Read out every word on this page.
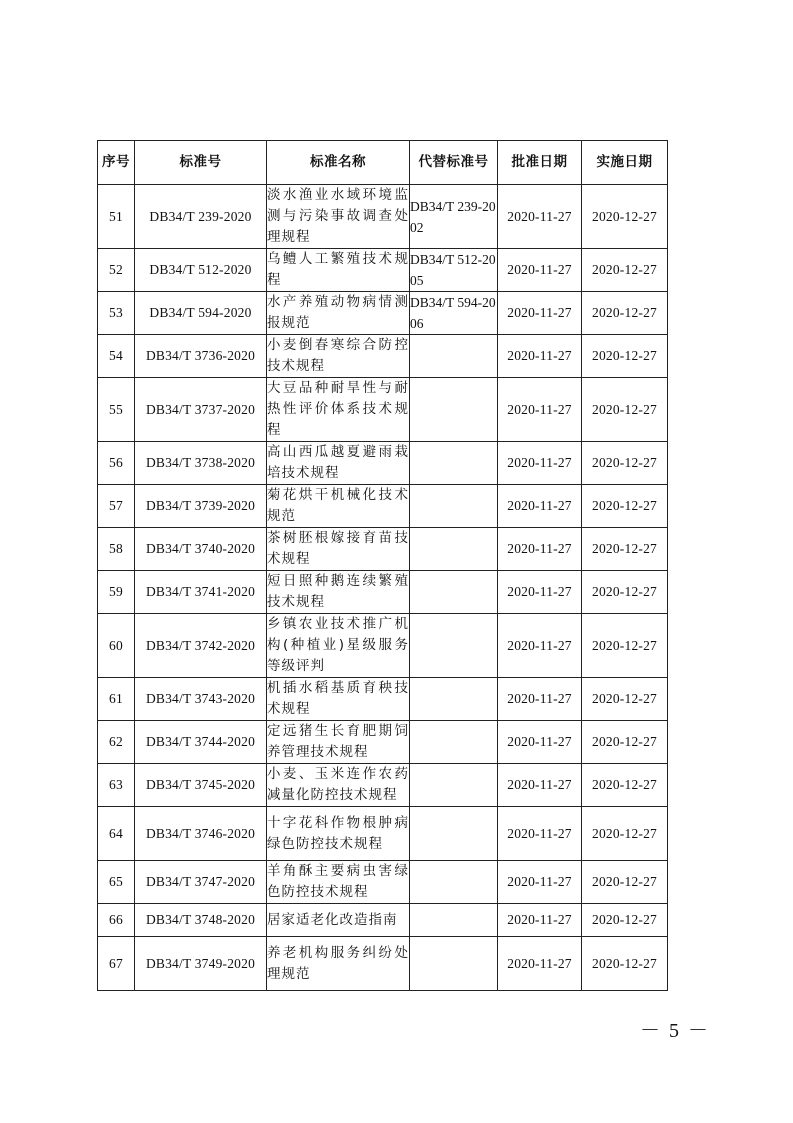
序号	标准号	标准名称	代替标准号	批准日期	实施日期
51	DB34/T 239-2020	淡水渔业水域环境监测与污染事故调查处理规程	DB34/T 239-2002	2020-11-27	2020-12-27
52	DB34/T 512-2020	乌鳢人工繁殖技术规程	DB34/T 512-2005	2020-11-27	2020-12-27
53	DB34/T 594-2020	水产养殖动物病情测报规范	DB34/T 594-2006	2020-11-27	2020-12-27
54	DB34/T 3736-2020	小麦倒春寒综合防控技术规程		2020-11-27	2020-12-27
55	DB34/T 3737-2020	大豆品种耐旱性与耐热性评价体系技术规程		2020-11-27	2020-12-27
56	DB34/T 3738-2020	高山西瓜越夏避雨栽培技术规程		2020-11-27	2020-12-27
57	DB34/T 3739-2020	菊花烘干机械化技术规范		2020-11-27	2020-12-27
58	DB34/T 3740-2020	茶树胚根嫁接育苗技术规程		2020-11-27	2020-12-27
59	DB34/T 3741-2020	短日照种鹅连续繁殖技术规程		2020-11-27	2020-12-27
60	DB34/T 3742-2020	乡镇农业技术推广机构(种植业)星级服务等级评判		2020-11-27	2020-12-27
61	DB34/T 3743-2020	机插水稻基质育秧技术规程		2020-11-27	2020-12-27
62	DB34/T 3744-2020	定远猪生长育肥期饲养管理技术规程		2020-11-27	2020-12-27
63	DB34/T 3745-2020	小麦、玉米连作农药减量化防控技术规程		2020-11-27	2020-12-27
64	DB34/T 3746-2020	十字花科作物根肿病绿色防控技术规程		2020-11-27	2020-12-27
65	DB34/T 3747-2020	羊角酥主要病虫害绿色防控技术规程		2020-11-27	2020-12-27
66	DB34/T 3748-2020	居家适老化改造指南		2020-11-27	2020-12-27
67	DB34/T 3749-2020	养老机构服务纠纷处理规范		2020-11-27	2020-12-27
－ 5 －
